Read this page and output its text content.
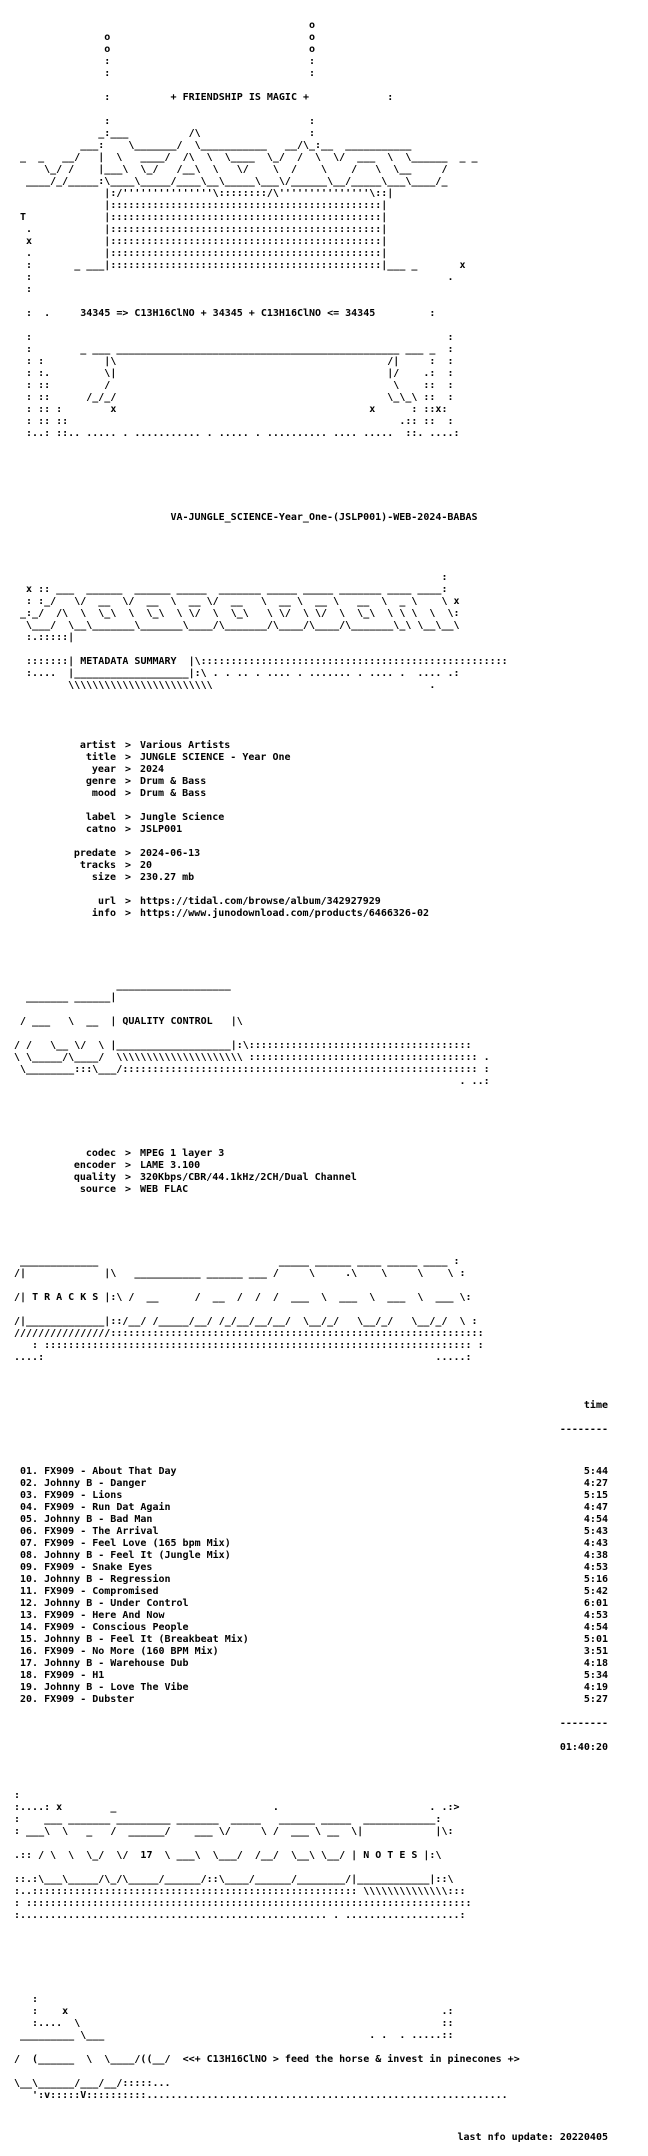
o
o                                 o
o                                 o
:                                 :
:                                 :

:          + FRIENDSHIP IS MAGIC +             :

:                                 :
_:___          /\                  :
___:    \_______/  \___________   __/\_:__  ___________
_  _   __/   |  \   ____/  /\  \  \____  \_/  /  \  \/  ___  \  \______  _ _
\_/ /    |___\  \_/   /__\  \   \/    \  /    \    /   \  \__     /
____/_/_____:\____\_____/____\__\_____\___\/______\__/_____\___\____/_
|:/'''''''''''''''\::::::::/\'''''''''''''''\::|
|:::::::::::::::::::::::::::::::::::::::::::::|
T             |:::::::::::::::::::::::::::::::::::::::::::::|
.            |:::::::::::::::::::::::::::::::::::::::::::::|
x            |:::::::::::::::::::::::::::::::::::::::::::::|
.            |:::::::::::::::::::::::::::::::::::::::::::::|
:       _ ___|:::::::::::::::::::::::::::::::::::::::::::::|___ _       x
:                                                                     .
:

:  .     34345 => C13H16ClNO + 34345 + C13H16ClNO <= 34345         :

:                                                                     :
:        _ ___ _______________________________________________ ___ _  :
: :          |\                                             /|     :  :
: :.         \|                                             |/    .:  :
: ::         /                                               \    ::  :
: ::      /_/_/                                             \_\_\ ::  :
: :: :        x                                          x      : ::x:
: :: ::                                                       .:: ::  :
:..: ::.. ..... . ........... . ..... . .......... .... .....  ::. ....:

VA-JUNGLE_SCIENCE-Year_One-(JSLP001)-WEB-2024-BABAS

:
x :: ___  ______  ______ _____  _______ _____ _____ _______ ____ ____:
: :_/   \/  __  \/  __  \  __ \/  __   \  __ \  __ \   __  \  _ \    \ x
_:_/  /\  \  \_\  \  \_\  \ \/  \  \_\   \ \/  \ \/  \  \_\  \ \ \  \  \:
\___/  \__\_______\_______\____/\_______/\____/\____/\_______\_\ \__\__\
:.:::::|

:::::::| METADATA SUMMARY  |\:::::::::::::::::::::::::::::::::::::::::::::::::::
:....  |___________________|:\ . . .. . .... . ....... . .... .  .... .:
\\\\\\\\\\\\\\\\\\\\\\\\                                    .

artist > Various Artists
title > JUNGLE SCIENCE - Year One
year > 2024
genre > Drum & Bass
mood > Drum & Bass
label > Jungle Science
catno > JSLP001
predate > 2024-06-13
tracks > 20
size > 230.27 mb
url > https://tidal.com/browse/album/342927929
info > https://www.junodownload.com/products/6466326-02

___________________
_______ ______|

/ ___   \  __  | QUALITY CONTROL   |\

/ /   \__ \/  \ |___________________|:\:::::::::::::::::::::::::::::::::::::
\ \_____/\____/  \\\\\\\\\\\\\\\\\\\\\ :::::::::::::::::::::::::::::::::::::: .
\________:::\___/::::::::::::::::::::::::::::::::::::::::::::::::::::::::::: :
. ..:

codec > MPEG 1 layer 3
encoder > LAME 3.100
quality > 320Kbps/CBR/44.1kHz/2CH/Dual Channel
source > WEB FLAC

_____________                              _____ ______ ____ _____ ____ :
/|             |\   ___________ ______ ___ /     \     .\    \     \    \ :

/| T R A C K S |:\ /  __      /  __  /  /  /  ___  \  ___  \  ___  \  ___ \:

/|_____________|::/__/ /_____/__/ /_/__/__/__/  \__/_/   \__/_/   \__/_/  \ :
////////////////::::::::::::::::::::::::::::::::::::::::::::::::::::::::::::::
: ::::::::::::::::::::::::::::::::::::::::::::::::::::::::::::::::::::::: :
....:                                                                 .....:

time

--------

01. FX909 - About That Day	5:44
02. Johnny B - Danger	4:27
03. FX909 - Lions	5:15
04. FX909 - Run Dat Again	4:47
05. Johnny B - Bad Man	4:54
06. FX909 - The Arrival	5:43
07. FX909 - Feel Love (165 bpm Mix)	4:43
08. Johnny B - Feel It (Jungle Mix)	4:38
09. FX909 - Snake Eyes	4:53
10. Johnny B - Regression	5:16
11. FX909 - Compromised	5:42
12. Johnny B - Under Control	6:01
13. FX909 - Here And Now	4:53
14. FX909 - Conscious People	4:54
15. Johnny B - Feel It (Breakbeat Mix)	5:01
16. FX909 - No More (160 BPM Mix)	3:51
17. Johnny B - Warehouse Dub	4:18
18. FX909 - H1	5:34
19. Johnny B - Love The Vibe	4:19
20. FX909 - Dubster	5:27

--------

01:40:20

:
:....: x        _                          .                         . .:>
:    ___ _______ _________ _______  _____   ______ _____  ____________:
: ___\  \   _   /  ______/    ___ \/     \ /  ___ \ __  \|            |\:

.:: / \  \  \_/  \/  17  \ ___\  \___/  /__/  \__\ \__/ | N O T E S |:\

::.:\___\_____/\_/\_____/______/::\____/______/________/|____________|::\
:..:::::::::::::::::::::::::::::::::::::::::::::::::::::: \\\\\\\\\\\\\\:::
: ::::::::::::::::::::::::::::::::::::::::::::::::::::::::::::::::::::::::::
:................................................... . ...................:

:
:    x                                                              .:
:....  \                                                            ::
_________ \___                                            . .  . .....::

/  (______  \  \____/((__/  <<+ C13H16ClNO > feed the horse & invest in pinecones +>

\__\______/___/__/:::::...
':v:::::V::::::::::............................................................

last nfo update: 20220405
